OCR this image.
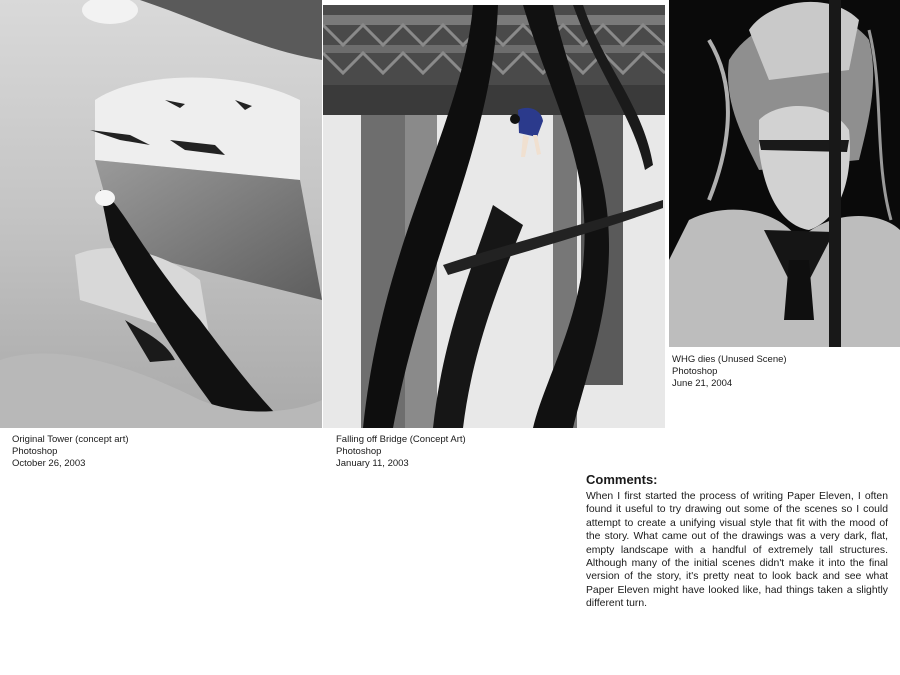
Original Tower (concept art)
Photoshop
October 26, 2003
Falling off Bridge (Concept Art)
Photoshop
January 11, 2003
WHG dies (Unused Scene)
Photoshop
June 21, 2004
Comments:

When I first started the process of writing Paper Eleven, I often found it useful to try drawing out some of the scenes so I could attempt to create a unifying visual style that fit with the mood of the story. What came out of the drawings was a very dark, flat, empty landscape with a handful of extremely tall structures. Although many of the initial scenes didn't make it into the final version of the story, it's pretty neat to look back and see what Paper Eleven might have looked like, had things taken a slightly different turn.
